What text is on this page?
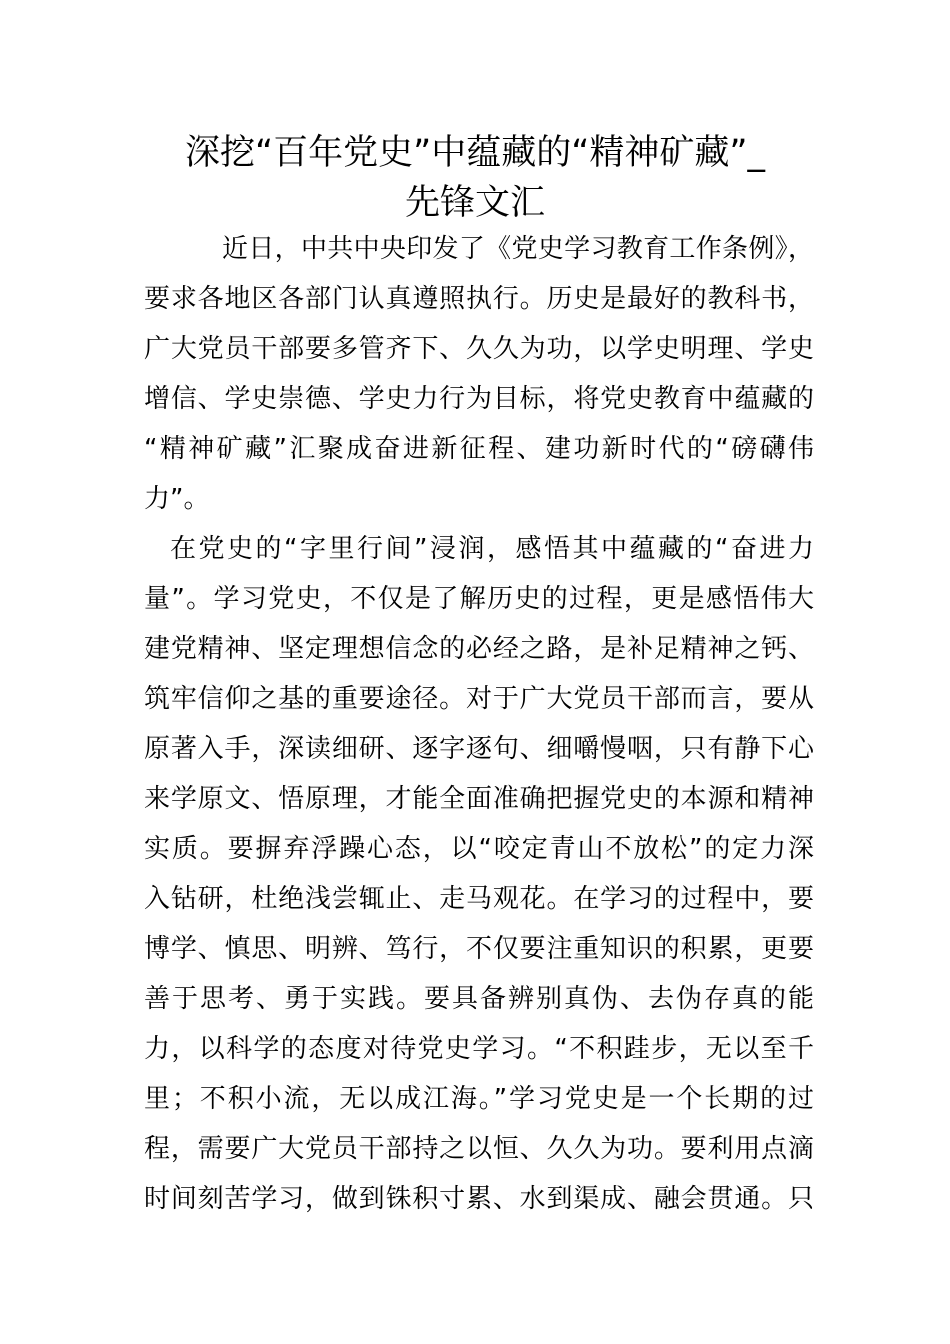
深挖“百年党史”中蕴藏的“精神矿藏”_
先锋文汇

近日，中共中央印发了《党史学习教育工作条例》，

要求各地区各部门认真遵照执行。历史是最好的教科书，

广大党员干部要多管齐下、久久为功，以学史明理、学史

增信、学史崇德、学史力行为目标，将党史教育中蕴藏的

“精神矿藏”汇聚成奋进新征程、建功新时代的“磅礴伟

力”。

在党史的“字里行间”浸润，感悟其中蕴藏的“奋进力

量”。学习党史，不仅是了解历史的过程，更是感悟伟大

建党精神、坚定理想信念的必经之路，是补足精神之钙、

筑牢信仰之基的重要途径。对于广大党员干部而言，要从

原著入手，深读细研、逐字逐句、细嚼慢咽，只有静下心

来学原文、悟原理，才能全面准确把握党史的本源和精神

实质。要摒弃浮躁心态，以“咬定青山不放松”的定力深

入钻研，杜绝浅尝辄止、走马观花。在学习的过程中，要

博学、慎思、明辨、笃行，不仅要注重知识的积累，更要

善于思考、勇于实践。要具备辨别真伪、去伪存真的能

力，以科学的态度对待党史学习。“不积跬步，无以至千

里；不积小流，无以成江海。”学习党史是一个长期的过

程，需要广大党员干部持之以恒、久久为功。要利用点滴

时间刻苦学习，做到铢积寸累、水到渠成、融会贯通。只
